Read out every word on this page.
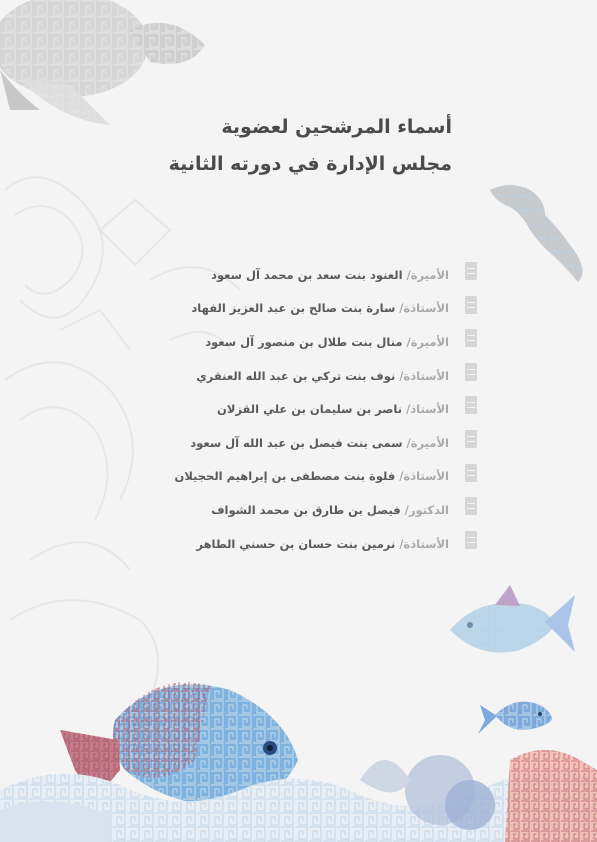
أسماء المرشحين لعضوية
مجلس الإدارة في دورته الثانية
الأميرة/
العنود بنت سعد بن محمد آل سعود
الأستاذة/
سارة بنت صالح بن عبد العزيز الفهاد
الأميرة/
منال بنت طلال بن منصور آل سعود
الأستاذة/
نوف بنت تركي بن عبد الله العنقري
الأستاذ/
ناصر بن سليمان بن علي القزلان
الأميرة/
سمى بنت فيصل بن عبد الله آل سعود
الأستاذة/
فلوة بنت مصطفى بن إبراهيم الحجيلان
الدكتور/
فيصل بن طارق بن محمد الشواف
الأستاذة/
نرمين بنت حسان بن حسني الطاهر
